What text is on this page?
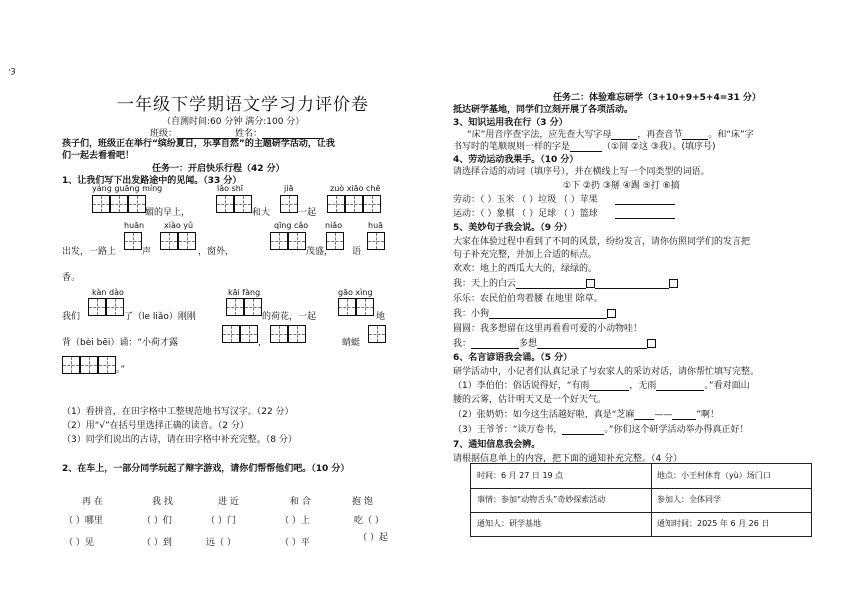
·ȝ
一年级下学期语文学习力评价卷
（自测时间:60 分钟 满分:100 分）
班级：	姓名：
孩子们，班级正在举行“缤纷夏日，乐享自然”的主题研学活动，让我
们一起去看看吧！
任务一：开启快乐行程（42 分）
1、让我们写下出发路途中的见闻。（33 分）
yáng guāng míng	lǎo shī	jiā	zuò xiāo chē
媚的早上，	和大	一起
huān xiào yǔ	qīng cǎo niǎo	huā
出发，一路上	声	，窗外，	茂盛， 语
香。
kàn dào	kāi fàng	gāo xìng
我们	了（le liǎo）刚刚	的荷花，一起	地
背（bèi bēi）诵：“小荷才露	，	蜻蜓
。”
（1）看拼音，在田字格中工整规范地书写汉字。（22 分）
（2）用“√”在括号里选择正确的读音。（2 分）
（3）同学们说出的古诗，请在田字格中补充完整。（8 分）
2、在车上，一部分同学玩起了辩字游戏，请你们帮帮他们吧。（10 分）
再 在	我 找	进 近	和 合	抱 饱
（ ）哪里	（ ）们	（ ）门	（ ）上	吃（ ）
（ ）见	（ ）到	远（ ）	（ ）平	（ ）起
任务二：体验难忘研学（3+10+9+5+4=31 分）
抵达研学基地，同学们立刻开展了各项活动。
3、知识运用我在行（3 分）
“床”用音序查字法，应先查大写字母	，再查音节	。和“床”字
书写时的笔顺规则一样的字是	（①间 ②这 ③我）。(填序号)
4、劳动运动我果手。（10 分）
请选择合适的动词（填序号），并在横线上写一个同类型的词语。
①下 ②扔 ③掰 ④踢 ⑤打 ⑥搞
劳动：（ ）玉米 （ ）垃圾 （ ）苹果
运动：（ ）象棋 （ ）足球 （ ）篮球
5、美妙句子我会说。（9 分）
大家在体验过程中看到了不同的风景，纷纷发言，请你仿照同学们的发言把
句子补充完整，并加上合适的标点。
欢欢：地上的西瓜大大的，绿绿的。
我：天上的白云
乐乐：农民伯伯弯着腰 在地里 除草。
我：小狗
圆圆：我多想留在这里再看看可爱的小动物哇！
我：	多想
6、名言谚语我会诵。（5 分）
研学活动中，小记者们认真记录了与农家人的采访对话，请你帮忙填写完整。
（1）李伯伯：俗话说得好，“有雨	，无雨	。”看对面山
腰的云雾，估计明天又是一个好天气。
（2）张奶奶：如今这生活越好啦，真是“芝麻 ——	”啊！
（3）王爷爷：“读万卷书，	。”你们这个研学活动举办得真正好！
7、通知信息我会辨。
请根据信息单上的内容，把下面的通知补充完整。（4 分）
时间：6 月 27 日 19 点	地点：小王村休育（yù）场门口
事情：参加“动物舌头”奇妙探索活动	参加人：全体同学
通知人：研学基地	通知时间：2025 年 6 月 26 日
